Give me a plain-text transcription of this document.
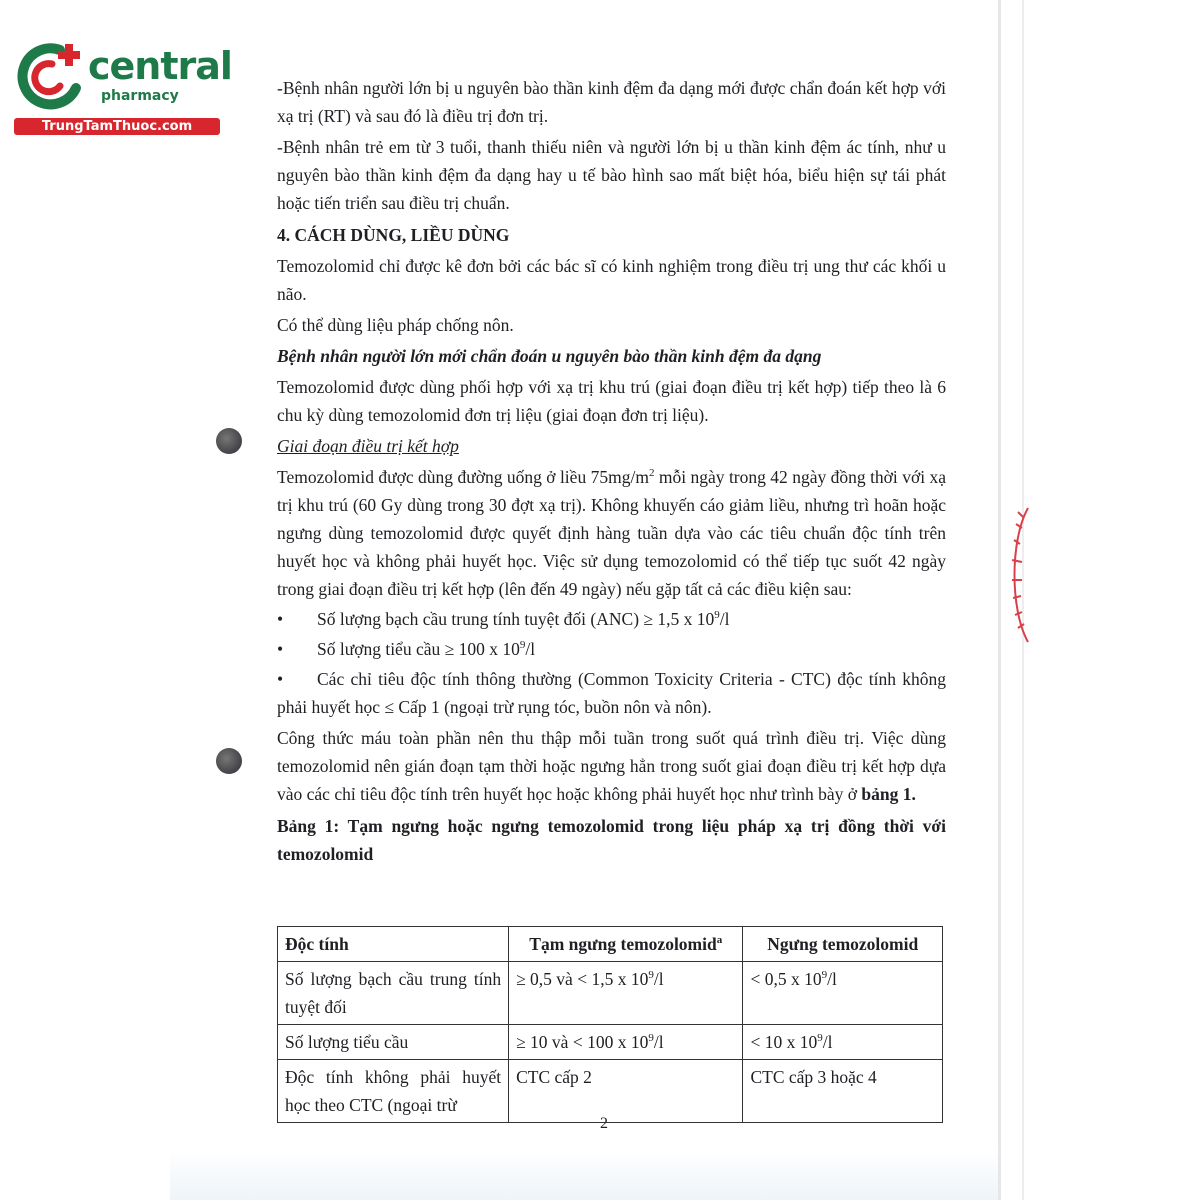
central
pharmacy
TrungTamThuoc.com

-Bệnh nhân người lớn bị u nguyên bào thần kinh đệm đa dạng mới được chẩn đoán kết hợp với xạ trị (RT) và sau đó là điều trị đơn trị.

-Bệnh nhân trẻ em từ 3 tuổi, thanh thiếu niên và người lớn bị u thần kinh đệm ác tính, như u nguyên bào thần kinh đệm đa dạng hay u tế bào hình sao mất biệt hóa, biểu hiện sự tái phát hoặc tiến triển sau điều trị chuẩn.

4. CÁCH DÙNG, LIỀU DÙNG

Temozolomid chỉ được kê đơn bởi các bác sĩ có kinh nghiệm trong điều trị ung thư các khối u não.

Có thể dùng liệu pháp chống nôn.

Bệnh nhân người lớn mới chẩn đoán u nguyên bào thần kinh đệm đa dạng

Temozolomid được dùng phối hợp với xạ trị khu trú (giai đoạn điều trị kết hợp) tiếp theo là 6 chu kỳ dùng temozolomid đơn trị liệu (giai đoạn đơn trị liệu).

Giai đoạn điều trị kết hợp

Temozolomid được dùng đường uống ở liều $75mg/m^2$ mỗi ngày trong 42 ngày đồng thời với xạ trị khu trú (60 Gy dùng trong 30 đợt xạ trị). Không khuyến cáo giảm liều, nhưng trì hoãn hoặc ngưng dùng temozolomid được quyết định hàng tuần dựa vào các tiêu chuẩn độc tính trên huyết học và không phải huyết học. Việc sử dụng temozolomid có thể tiếp tục suốt 42 ngày trong giai đoạn điều trị kết hợp (lên đến 49 ngày) nếu gặp tất cả các điều kiện sau:

•	Số lượng bạch cầu trung tính tuyệt đối (ANC) ≥ 1,5 x $10^9/l$
•	Số lượng tiểu cầu ≥ 100 x $10^9/l$
• Các chỉ tiêu độc tính thông thường (Common Toxicity Criteria - CTC) độc tính không phải huyết học ≤ Cấp 1 (ngoại trừ rụng tóc, buồn nôn và nôn).

Công thức máu toàn phần nên thu thập mỗi tuần trong suốt quá trình điều trị. Việc dùng temozolomid nên gián đoạn tạm thời hoặc ngưng hẳn trong suốt giai đoạn điều trị kết hợp dựa vào các chỉ tiêu độc tính trên huyết học hoặc không phải huyết học như trình bày ở bảng 1.

Bảng 1: Tạm ngưng hoặc ngưng temozolomid trong liệu pháp xạ trị đồng thời với temozolomid

Độc tính	Tạm ngưng temozolomid$^a$	Ngưng temozolomid
Số lượng bạch cầu trung tính tuyệt đối	≥ 0,5 và < 1,5 x $10^9/l$	< 0,5 x $10^9/l$
Số lượng tiểu cầu	≥ 10 và < 100 x $10^9/l$	< 10 x $10^9/l$
Độc tính không phải huyết học theo CTC (ngoại trừ	CTC cấp 2	CTC cấp 3 hoặc 4
2
